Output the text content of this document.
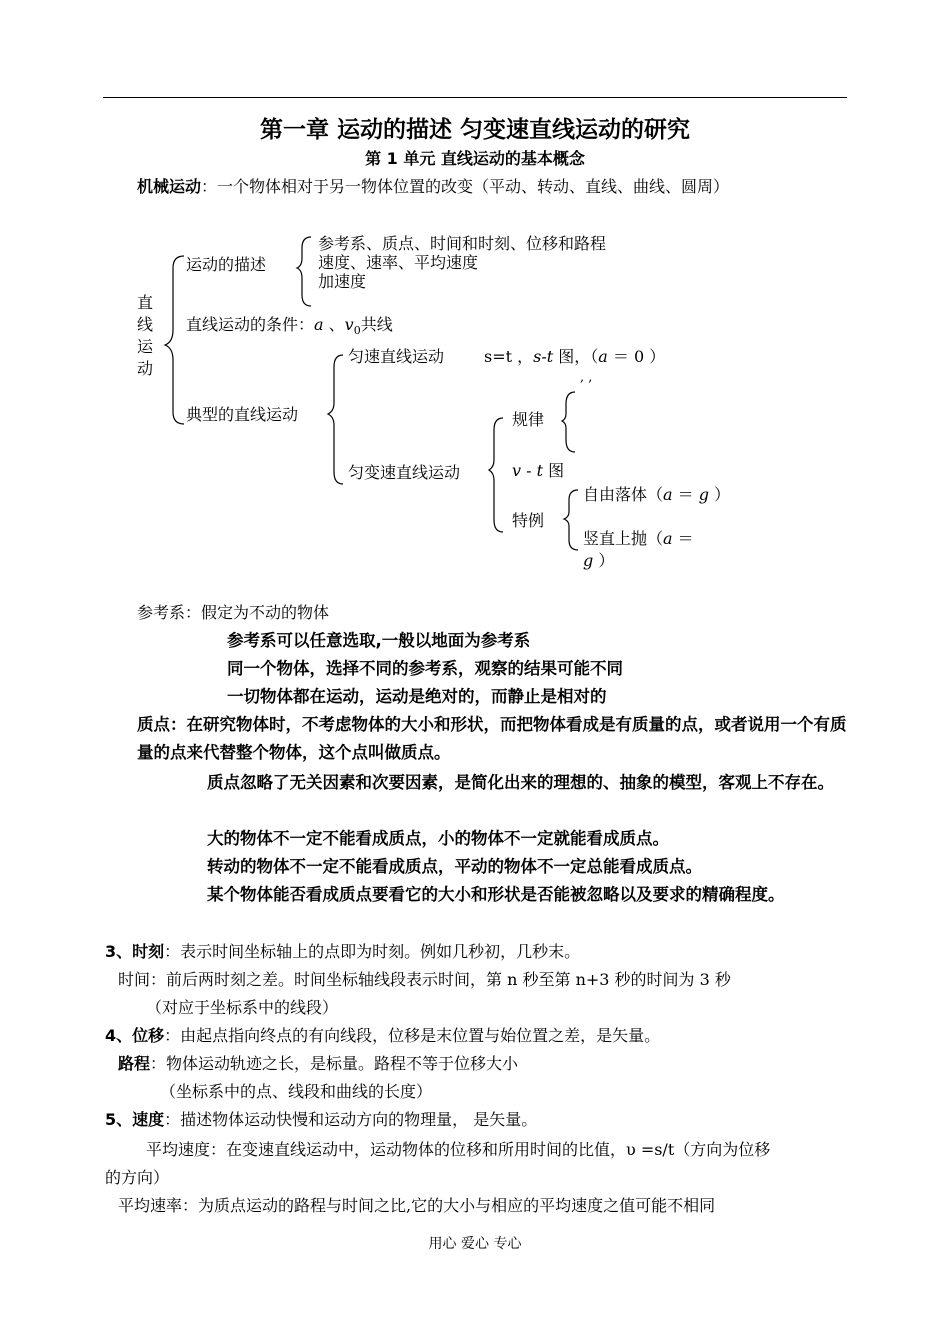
第一章 运动的描述 匀变速直线运动的研究
第 1 单元 直线运动的基本概念
机械运动：一个物体相对于另一物体位置的改变（平动、转动、直线、曲线、圆周）
直
线
运
动
运动的描述
参考系、质点、时间和时刻、位移和路程
速度、速率、平均速度
加速度
直线运动的条件：a 、$v_0$共线
典型的直线运动
匀速直线运动 s=t ，s-t 图，（a ＝ 0 ）
, ,
匀变速直线运动
规律
v - t 图
特例
自由落体（a ＝ g ）
竖直上抛（a ＝
g ）
参考系：假定为不动的物体
参考系可以任意选取,一般以地面为参考系
同一个物体，选择不同的参考系，观察的结果可能不同
一切物体都在运动，运动是绝对的，而静止是相对的
质点：在研究物体时，不考虑物体的大小和形状，而把物体看成是有质量的点，或者说用一个有质量的点来代替整个物体，这个点叫做质点。
质点忽略了无关因素和次要因素，是简化出来的理想的、抽象的模型，客观上不存在。
大的物体不一定不能看成质点，小的物体不一定就能看成质点。
转动的物体不一定不能看成质点，平动的物体不一定总能看成质点。
某个物体能否看成质点要看它的大小和形状是否能被忽略以及要求的精确程度。
3、时刻：表示时间坐标轴上的点即为时刻。例如几秒初，几秒末。
时间：前后两时刻之差。时间坐标轴线段表示时间，第 n 秒至第 n+3 秒的时间为 3 秒
（对应于坐标系中的线段）
4、位移：由起点指向终点的有向线段，位移是末位置与始位置之差，是矢量。
路程：物体运动轨迹之长，是标量。路程不等于位移大小
（坐标系中的点、线段和曲线的长度）
5、速度：描述物体运动快慢和运动方向的物理量， 是矢量。
平均速度：在变速直线运动中，运动物体的位移和所用时间的比值，υ =s/t（方向为位移
的方向）
平均速率：为质点运动的路程与时间之比,它的大小与相应的平均速度之值可能不相同
用心 爱心 专心
